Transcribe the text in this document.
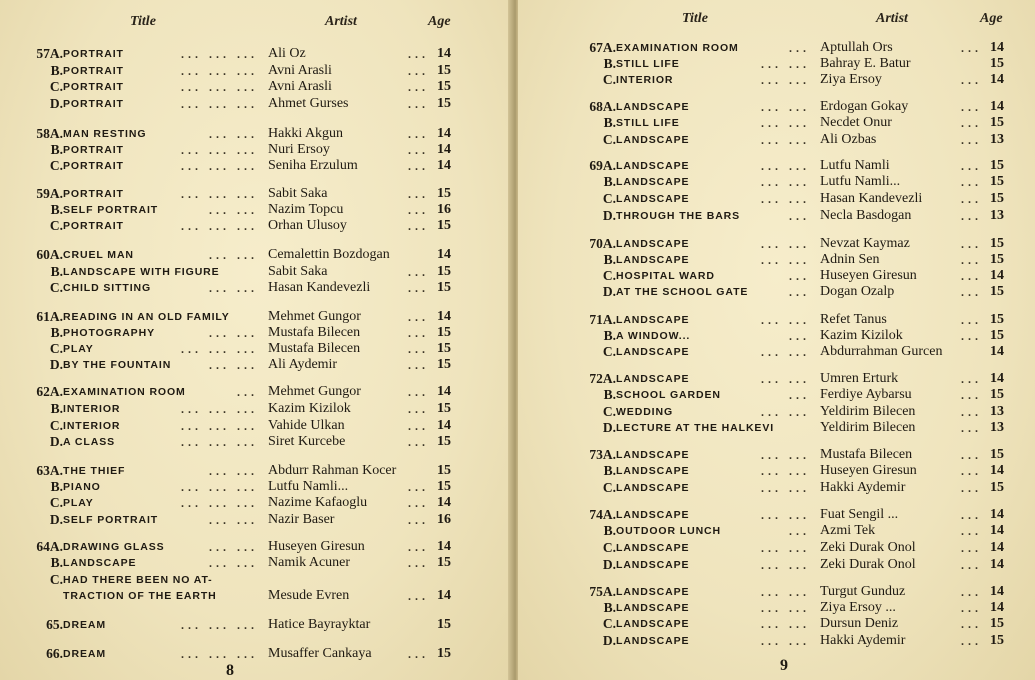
Title	Artist	Age
57A. PORTRAIT	... ... ... Ali Oz	... 14
B. PORTRAIT	... ... ... Avni Arasli	... 15
C. PORTRAIT	... ... ... Avni Arasli	... 15
D. PORTRAIT	... ... ... Ahmet Gurses	... 15
58A. MAN RESTING	... ... Hakki Akgun	... 14
B. PORTRAIT	... ... ... Nuri Ersoy	... 14
C. PORTRAIT	... ... ... Seniha Erzulum	... 14
59A. PORTRAIT	... ... ... Sabit Saka	... 15
B. SELF PORTRAIT	... ... Nazim Topcu	... 16
C. PORTRAIT	... ... ... Orhan Ulusoy	... 15
60A. CRUEL MAN	... ... Cemalettin Bozdogan	14
B. LANDSCAPE WITH FIGURE	Sabit Saka	... 15
C. CHILD SITTING	... ... Hasan Kandevezli	... 15
61A. READING IN AN OLD FAMILY	Mehmet Gungor	... 14
B. PHOTOGRAPHY	... ... Mustafa Bilecen	... 15
C. PLAY	... ... ... Mustafa Bilecen	... 15
D. BY THE FOUNTAIN	... ... Ali Aydemir	... 15
62A. EXAMINATION ROOM	... Mehmet Gungor	... 14
B. INTERIOR	... ... ... Kazim Kizilok	... 15
C. INTERIOR	... ... ... Vahide Ulkan	... 14
D. A CLASS	... ... ... Siret Kurcebe	... 15
63A. THE THIEF	... ... Abdurr Rahman Kocer	15
B. PIANO	... ... ... Lutfu Namli...	... 15
C. PLAY	... ... ... Nazime Kafaoglu	... 14
D. SELF PORTRAIT	... ... Nazir Baser	... 16
64A. DRAWING GLASS	... ... Huseyen Giresun	... 14
B. LANDSCAPE	... ... Namik Acuner	... 15
C. HAD THERE BEEN NO AT-
TRACTION OF THE EARTH	Mesude Evren	... 14
65. DREAM	... ... ... Hatice Bayrayktar	15
66. DREAM	... ... ... Musaffer Cankaya	... 15
8
Title	Artist	Age
67A. EXAMINATION ROOM	... Aptullah Ors	... 14
B. STILL LIFE	... ... Bahray E. Batur	15
C. INTERIOR	... ... Ziya Ersoy	... 14
68A. LANDSCAPE	... ... Erdogan Gokay	... 14
B. STILL LIFE	... ... Necdet Onur	... 15
C. LANDSCAPE	... ... Ali Ozbas	... 13
69A. LANDSCAPE	... ... Lutfu Namli	... 15
B. LANDSCAPE	... ... Lutfu Namli...	... 15
C. LANDSCAPE	... ... Hasan Kandevezli	... 15
D. THROUGH THE BARS	... Necla Basdogan	... 13
70A. LANDSCAPE	... ... Nevzat Kaymaz	... 15
B. LANDSCAPE	... ... Adnin Sen	... 15
C. HOSPITAL WARD	... Huseyen Giresun	... 14
D. AT THE SCHOOL GATE	... Dogan Ozalp	... 15
71A. LANDSCAPE	... ... Refet Tanus	... 15
B. A WINDOW...	... Kazim Kizilok	... 15
C. LANDSCAPE	... ... Abdurrahman Gurcen	14
72A. LANDSCAPE	... ... Umren Erturk	... 14
B. SCHOOL GARDEN	... Ferdiye Aybarsu	... 15
C. WEDDING	... ... Yeldirim Bilecen	... 13
D. LECTURE AT THE HALKEVI	Yeldirim Bilecen	... 13
73A. LANDSCAPE	... ... Mustafa Bilecen	... 15
B. LANDSCAPE	... ... Huseyen Giresun	... 14
C. LANDSCAPE	... ... Hakki Aydemir	... 15
74A. LANDSCAPE	... ... Fuat Sengil ...	... 14
B. OUTDOOR LUNCH	... Azmi Tek	... 14
C. LANDSCAPE	... ... Zeki Durak Onol	... 14
D. LANDSCAPE	... ... Zeki Durak Onol	... 14
75A. LANDSCAPE	... ... Turgut Gunduz	... 14
B. LANDSCAPE	... ... Ziya Ersoy ...	... 14
C. LANDSCAPE	... ... Dursun Deniz	... 15
D. LANDSCAPE	... ... Hakki Aydemir	... 15
9
